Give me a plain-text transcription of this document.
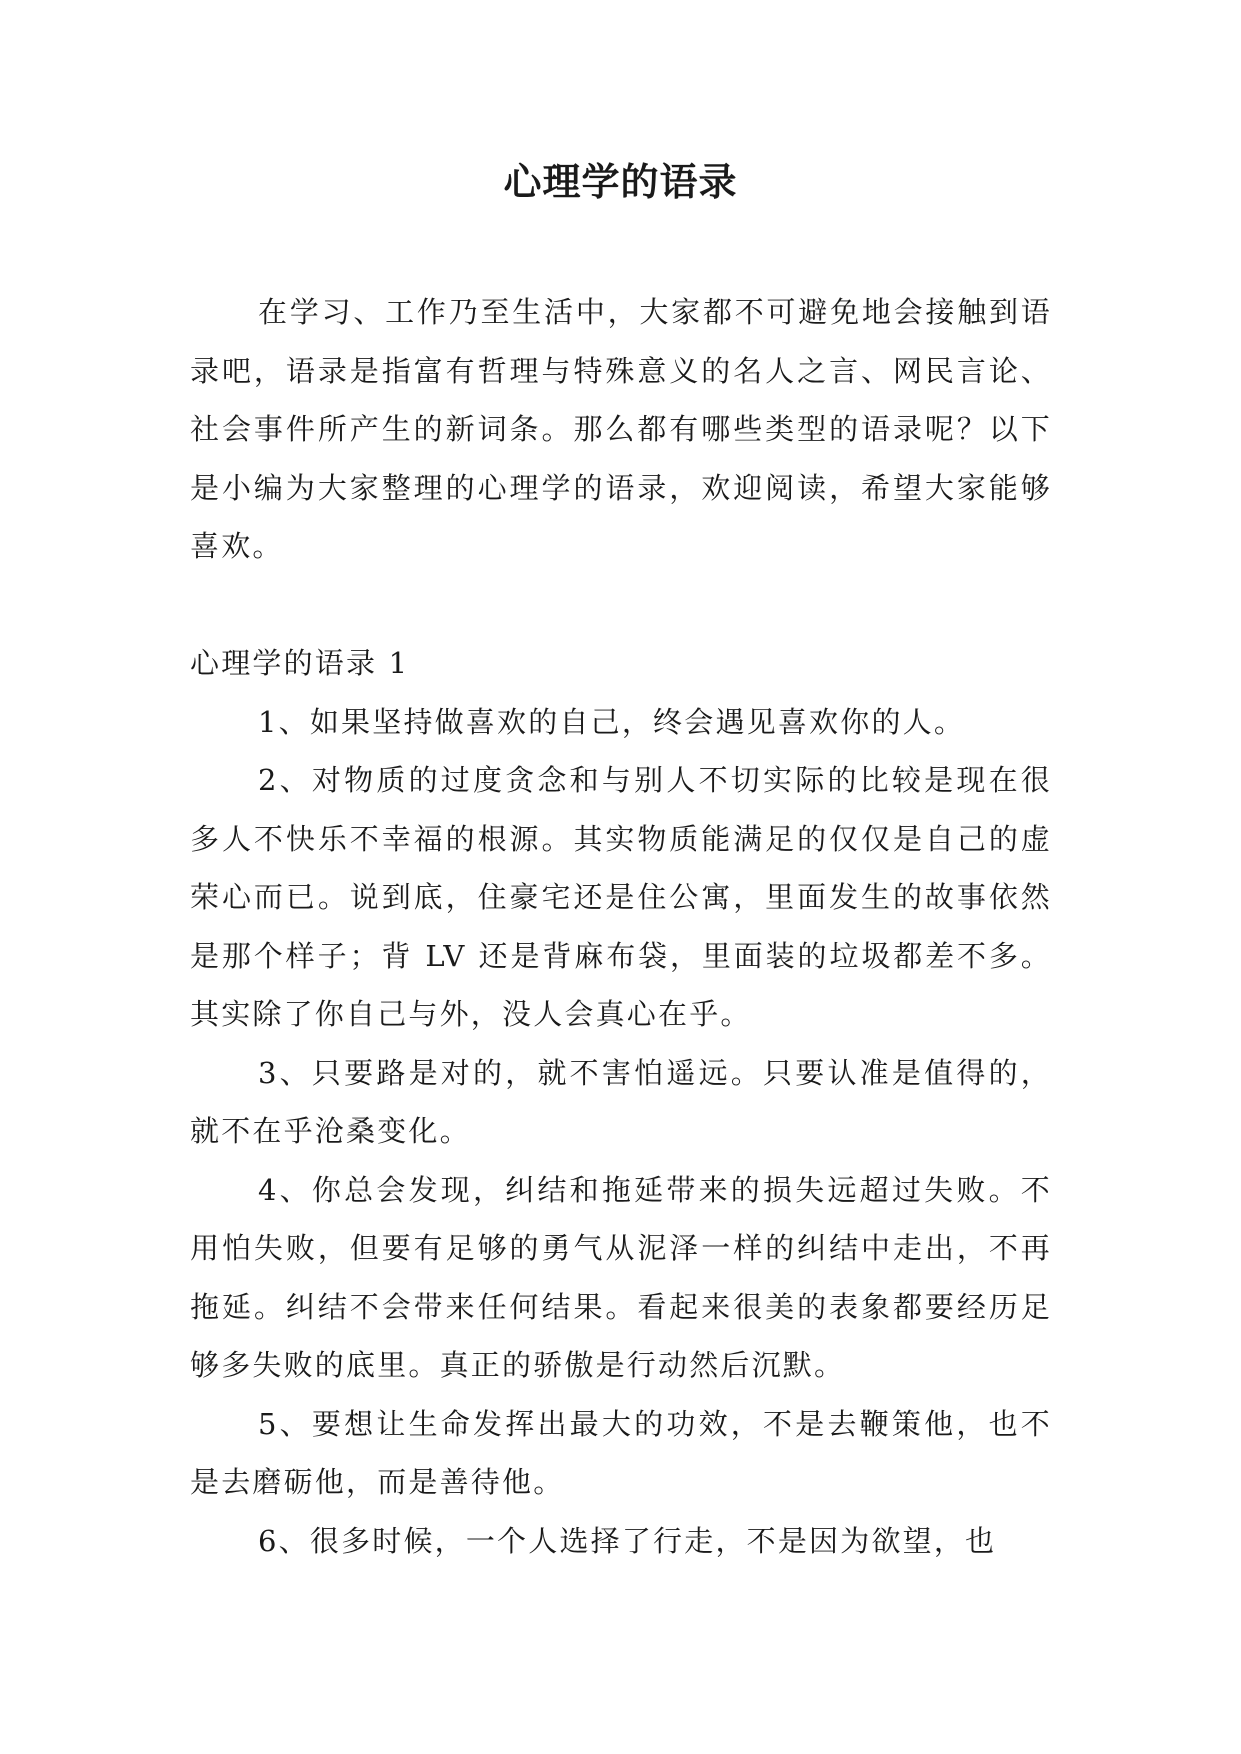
心理学的语录

在学习、工作乃至生活中，大家都不可避免地会接触到语录吧，语录是指富有哲理与特殊意义的名人之言、网民言论、社会事件所产生的新词条。那么都有哪些类型的语录呢？以下是小编为大家整理的心理学的语录，欢迎阅读，希望大家能够喜欢。

心理学的语录 1

1、如果坚持做喜欢的自己，终会遇见喜欢你的人。

2、对物质的过度贪念和与别人不切实际的比较是现在很多人不快乐不幸福的根源。其实物质能满足的仅仅是自己的虚荣心而已。说到底，住豪宅还是住公寓，里面发生的故事依然是那个样子；背 LV 还是背麻布袋，里面装的垃圾都差不多。其实除了你自己与外，没人会真心在乎。

3、只要路是对的，就不害怕遥远。只要认准是值得的，就不在乎沧桑变化。

4、你总会发现，纠结和拖延带来的损失远超过失败。不用怕失败，但要有足够的勇气从泥泽一样的纠结中走出，不再拖延。纠结不会带来任何结果。看起来很美的表象都要经历足够多失败的底里。真正的骄傲是行动然后沉默。

5、要想让生命发挥出最大的功效，不是去鞭策他，也不是去磨砺他，而是善待他。

6、很多时候，一个人选择了行走，不是因为欲望，也
